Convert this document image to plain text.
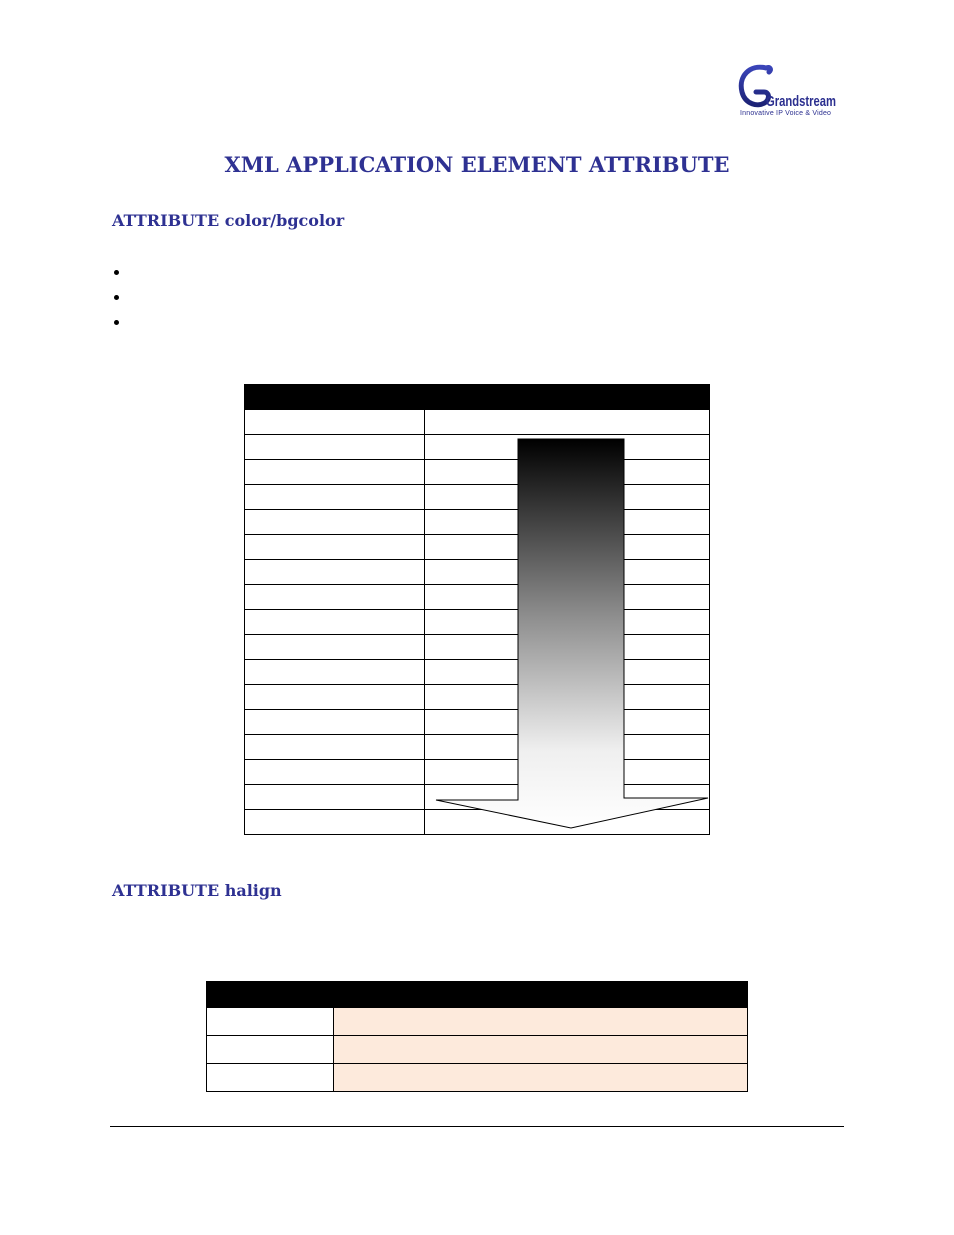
Grandstream
Innovative IP Voice & Video
XML APPLICATION ELEMENT ATTRIBUTE
ATTRIBUTE color/bgcolor

ATTRIBUTE halign
